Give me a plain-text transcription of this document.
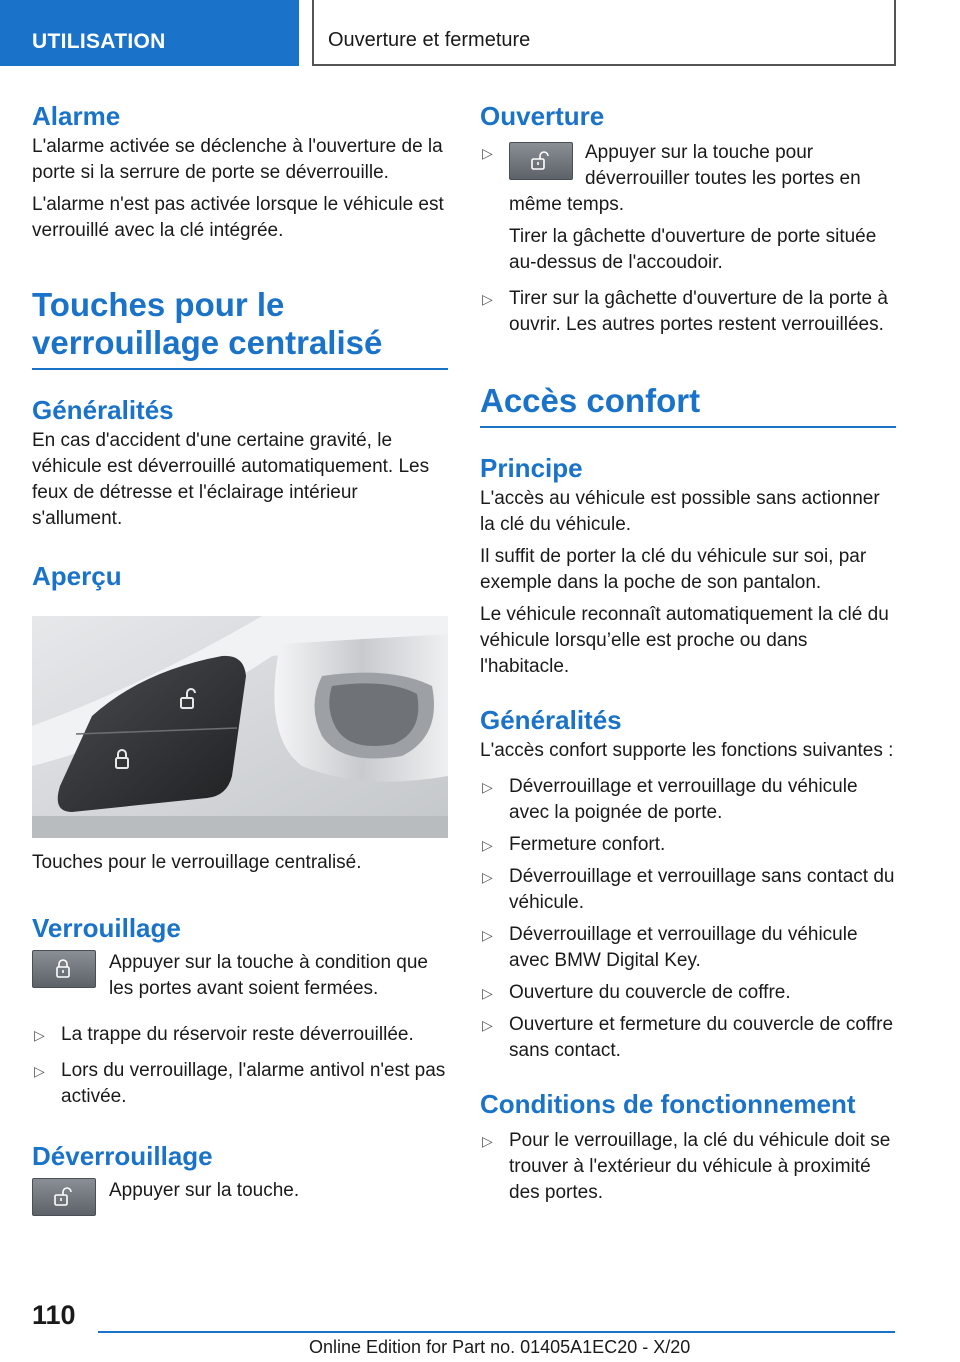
UTILISATION	Ouverture et fermeture
Alarme

L'alarme activée se déclenche à l'ouverture de la porte si la serrure de porte se déverrouille.

L'alarme n'est pas activée lorsque le véhicule est verrouillé avec la clé intégrée.

Touches pour le verrouillage centralisé
Généralités

En cas d'accident d'une certaine gravité, le véhicule est déverrouillé automatiquement. Les feux de détresse et l'éclairage intérieur s'allument.

Aperçu

Touches pour le verrouillage centralisé.

Verrouillage
Appuyer sur la touche à condition que les portes avant soient fermées.
▷ La trappe du réservoir reste déverrouillée.
▷ Lors du verrouillage, l'alarme antivol n'est pas activée.
Déverrouillage
Appuyer sur la touche.
Ouverture
▷	Appuyer sur la touche pour déverrouiller toutes les portes en même temps.

Tirer la gâchette d'ouverture de porte située au-dessus de l'accoudoir.

▷ Tirer sur la gâchette d'ouverture de la porte à ouvrir. Les autres portes restent verrouillées.
Accès confort
Principe

L'accès au véhicule est possible sans actionner la clé du véhicule.

Il suffit de porter la clé du véhicule sur soi, par exemple dans la poche de son pantalon.

Le véhicule reconnaît automatiquement la clé du véhicule lorsqu’elle est proche ou dans l'habitacle.

Généralités

L'accès confort supporte les fonctions suivantes :

▷ Déverrouillage et verrouillage du véhicule avec la poignée de porte.
▷ Fermeture confort.
▷ Déverrouillage et verrouillage sans contact du véhicule.
▷ Déverrouillage et verrouillage du véhicule avec BMW Digital Key.
▷ Ouverture du couvercle de coffre.
▷ Ouverture et fermeture du couvercle de coffre sans contact.
Conditions de fonctionnement
▷ Pour le verrouillage, la clé du véhicule doit se trouver à l'extérieur du véhicule à proximité des portes.
110
Online Edition for Part no. 01405A1EC20 - X/20
